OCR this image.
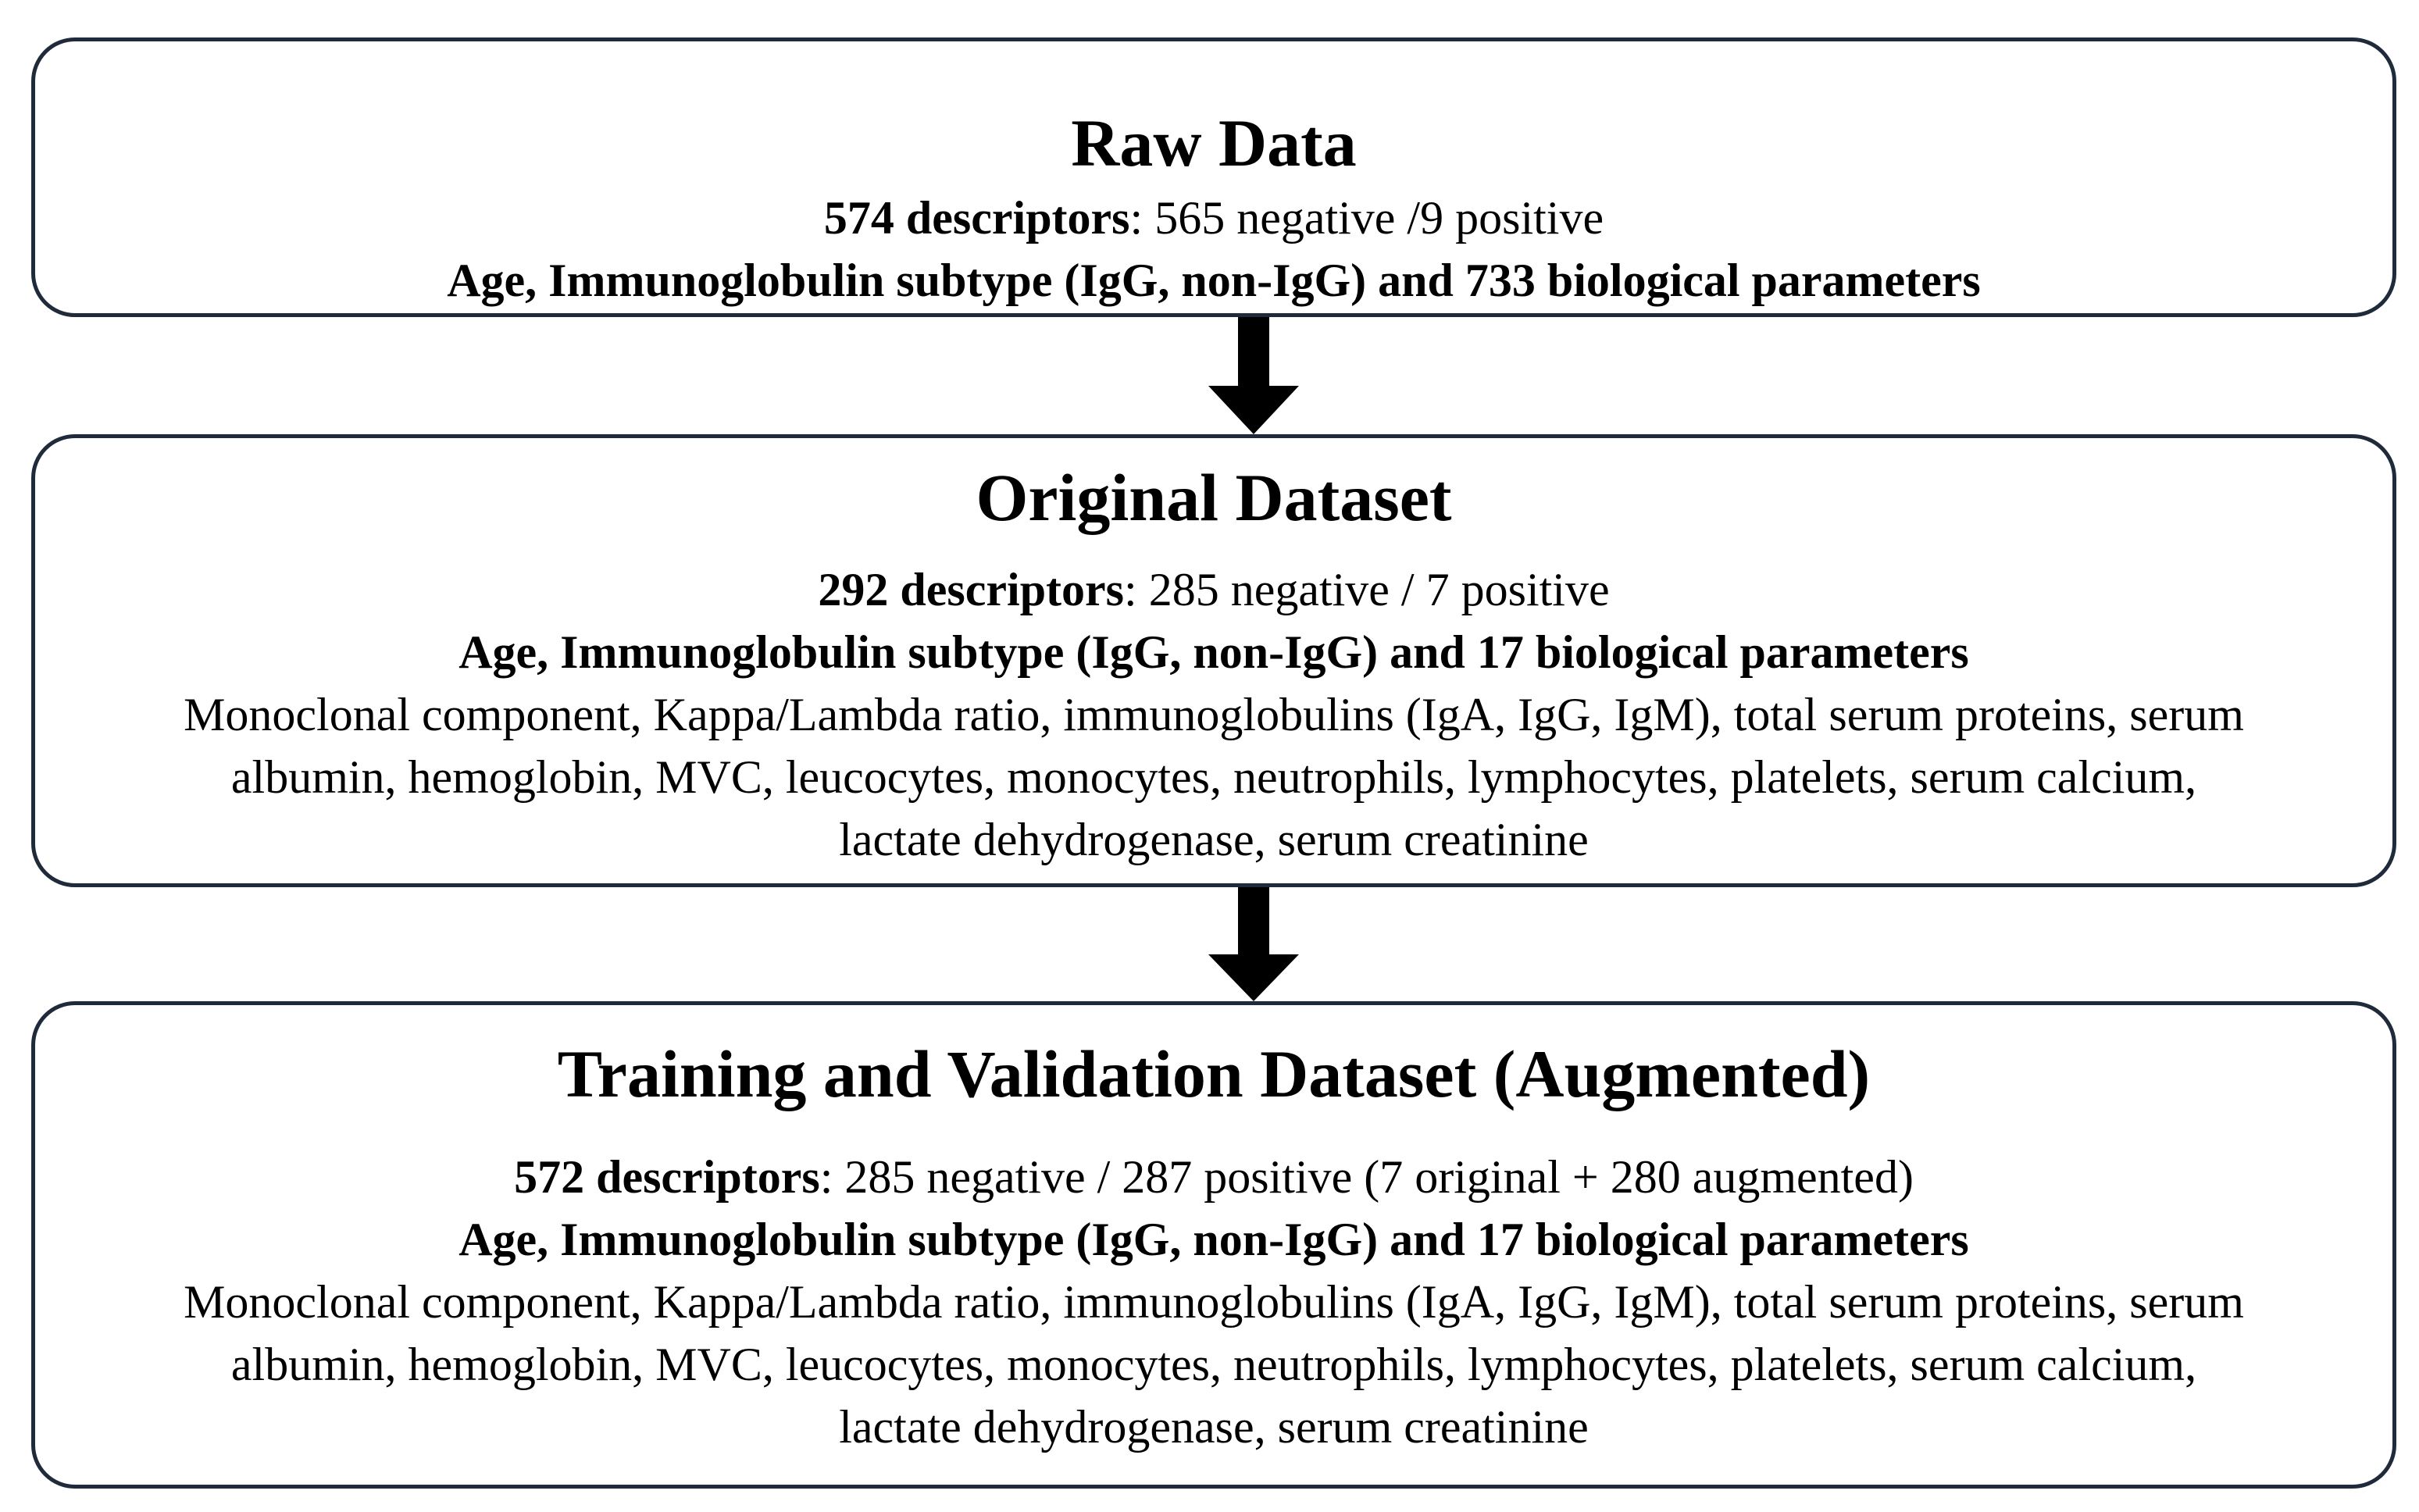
Raw Data
574 descriptors: 565 negative /9 positive
Age, Immunoglobulin subtype (IgG, non-IgG) and 733 biological parameters
Original Dataset
292 descriptors: 285 negative / 7 positive
Age, Immunoglobulin subtype (IgG, non-IgG) and 17 biological parameters
Monoclonal component, Kappa/Lambda ratio, immunoglobulins (IgA, IgG, IgM), total serum proteins, serum
albumin, hemoglobin, MVC, leucocytes, monocytes, neutrophils, lymphocytes, platelets, serum calcium,
lactate dehydrogenase, serum creatinine
Training and Validation Dataset (Augmented)
572 descriptors: 285 negative / 287 positive (7 original + 280 augmented)
Age, Immunoglobulin subtype (IgG, non-IgG) and 17 biological parameters
Monoclonal component, Kappa/Lambda ratio, immunoglobulins (IgA, IgG, IgM), total serum proteins, serum
albumin, hemoglobin, MVC, leucocytes, monocytes, neutrophils, lymphocytes, platelets, serum calcium,
lactate dehydrogenase, serum creatinine
